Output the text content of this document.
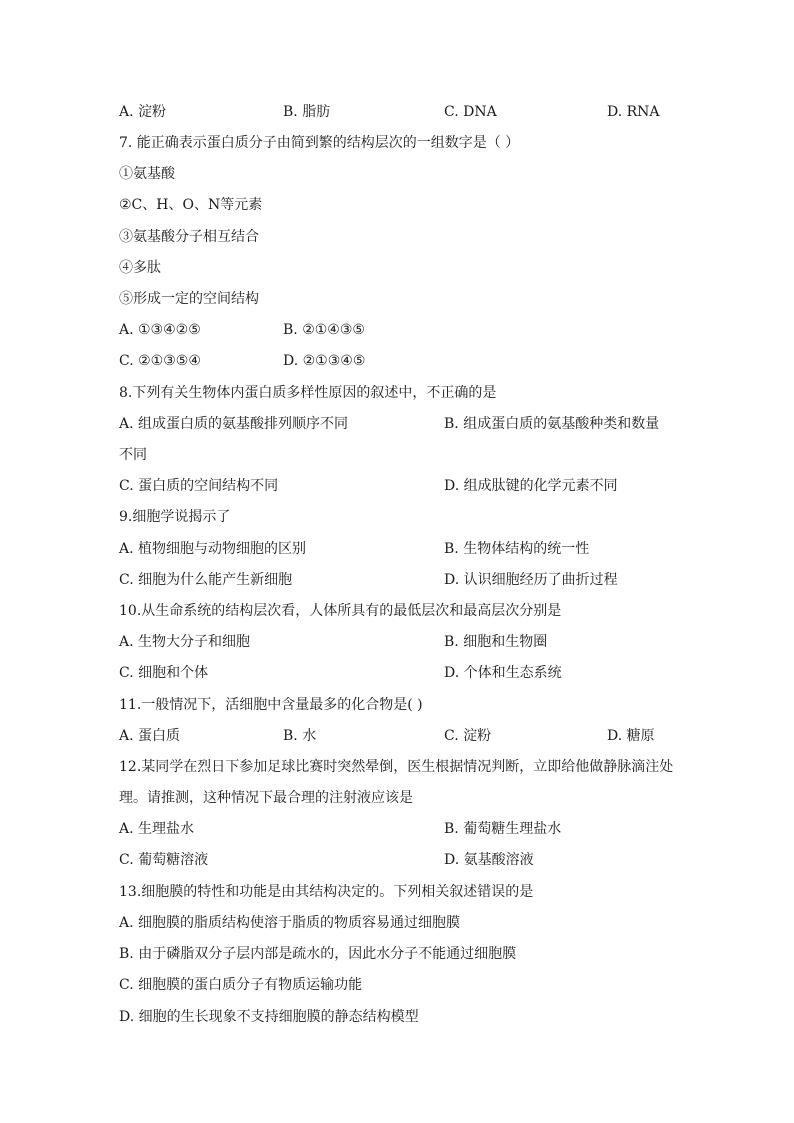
A. 淀粉	B. 脂肪	C. DNA	D. RNA
7. 能正确表示蛋白质分子由简到繁的结构层次的一组数字是（ ）
①氨基酸
②C、H、O、N等元素
③氨基酸分子相互结合
④多肽
⑤形成一定的空间结构
A. ①③④②⑤	B. ②①④③⑤
C. ②①③⑤④	D. ②①③④⑤
8.下列有关生物体内蛋白质多样性原因的叙述中，不正确的是
A. 组成蛋白质的氨基酸排列顺序不同	B. 组成蛋白质的氨基酸种类和数量
不同
C. 蛋白质的空间结构不同	D. 组成肽键的化学元素不同
9.细胞学说揭示了
A. 植物细胞与动物细胞的区别	B. 生物体结构的统一性
C. 细胞为什么能产生新细胞	D. 认识细胞经历了曲折过程
10.从生命系统的结构层次看，人体所具有的最低层次和最高层次分别是
A. 生物大分子和细胞	B. 细胞和生物圈
C. 细胞和个体	D. 个体和生态系统
11.一般情况下，活细胞中含量最多的化合物是( )
A. 蛋白质	B. 水	C. 淀粉	D. 糖原
12.某同学在烈日下参加足球比赛时突然晕倒，医生根据情况判断，立即给他做静脉滴注处
理。请推测，这种情况下最合理的注射液应该是
A. 生理盐水	B. 葡萄糖生理盐水
C. 葡萄糖溶液	D. 氨基酸溶液
13.细胞膜的特性和功能是由其结构决定的。下列相关叙述错误的是
A. 细胞膜的脂质结构使溶于脂质的物质容易通过细胞膜
B. 由于磷脂双分子层内部是疏水的，因此水分子不能通过细胞膜
C. 细胞膜的蛋白质分子有物质运输功能
D. 细胞的生长现象不支持细胞膜的静态结构模型
